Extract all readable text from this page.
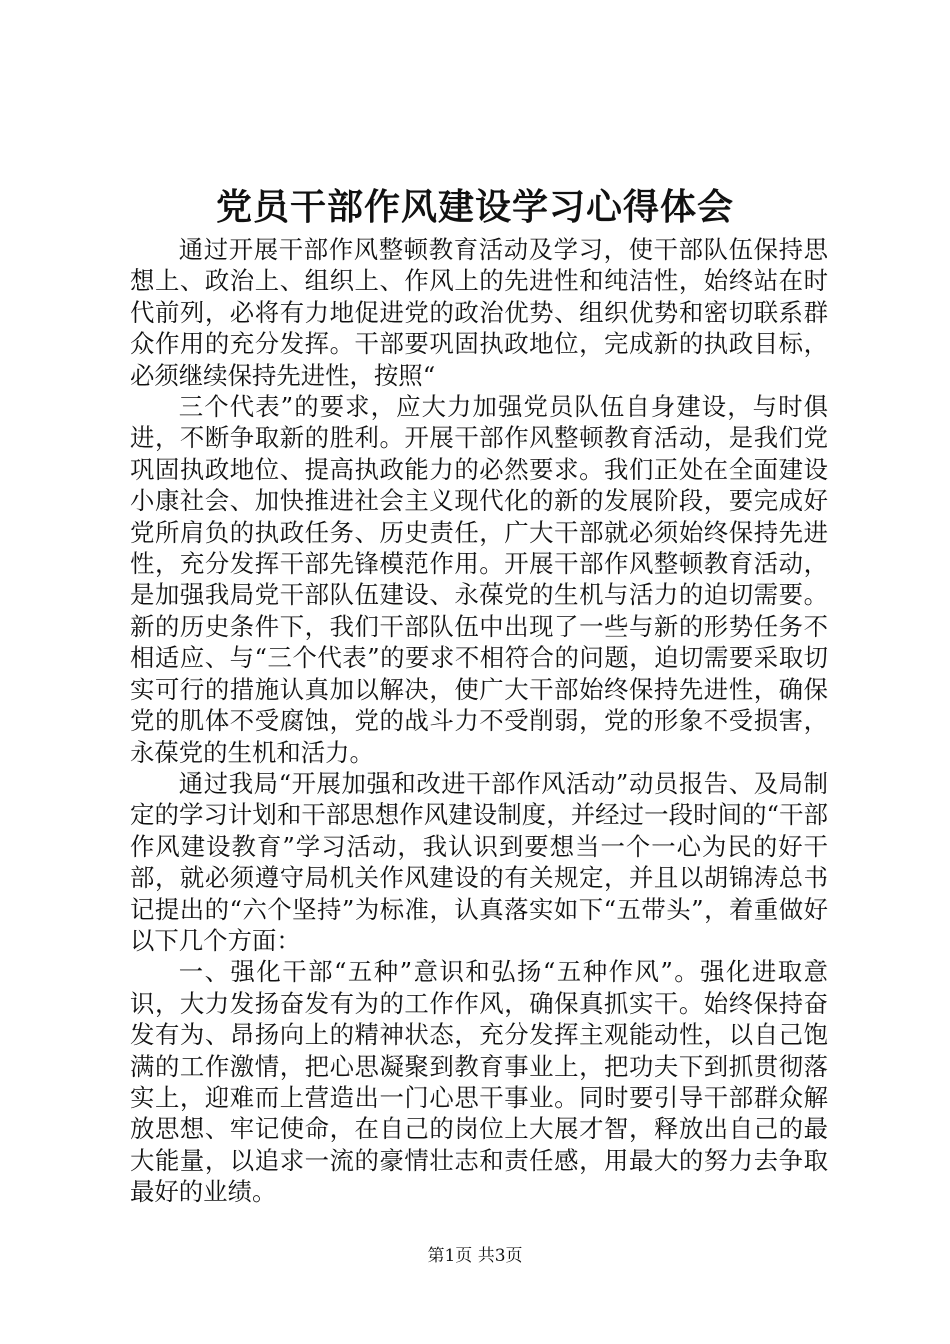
党员干部作风建设学习心得体会

通过开展干部作风整顿教育活动及学习，使干部队伍保持思想上、政治上、组织上、作风上的先进性和纯洁性，始终站在时代前列，必将有力地促进党的政治优势、组织优势和密切联系群众作用的充分发挥。干部要巩固执政地位，完成新的执政目标，必须继续保持先进性，按照“

三个代表”的要求，应大力加强党员队伍自身建设，与时俱进，不断争取新的胜利。开展干部作风整顿教育活动，是我们党巩固执政地位、提高执政能力的必然要求。我们正处在全面建设小康社会、加快推进社会主义现代化的新的发展阶段，要完成好党所肩负的执政任务、历史责任，广大干部就必须始终保持先进性，充分发挥干部先锋模范作用。开展干部作风整顿教育活动，是加强我局党干部队伍建设、永葆党的生机与活力的迫切需要。新的历史条件下，我们干部队伍中出现了一些与新的形势任务不相适应、与“三个代表”的要求不相符合的问题，迫切需要采取切实可行的措施认真加以解决，使广大干部始终保持先进性，确保党的肌体不受腐蚀，党的战斗力不受削弱，党的形象不受损害，永葆党的生机和活力。

通过我局“开展加强和改进干部作风活动”动员报告、及局制定的学习计划和干部思想作风建设制度，并经过一段时间的“干部作风建设教育”学习活动，我认识到要想当一个一心为民的好干部，就必须遵守局机关作风建设的有关规定，并且以胡锦涛总书记提出的“六个坚持”为标准，认真落实如下“五带头”，着重做好以下几个方面：

一、强化干部“五种”意识和弘扬“五种作风”。强化进取意识，大力发扬奋发有为的工作作风，确保真抓实干。始终保持奋发有为、昂扬向上的精神状态，充分发挥主观能动性，以自己饱满的工作激情，把心思凝聚到教育事业上，把功夫下到抓贯彻落实上，迎难而上营造出一门心思干事业。同时要引导干部群众解放思想、牢记使命，在自己的岗位上大展才智，释放出自己的最大能量，以追求一流的豪情壮志和责任感，用最大的努力去争取最好的业绩。

第1页 共3页
